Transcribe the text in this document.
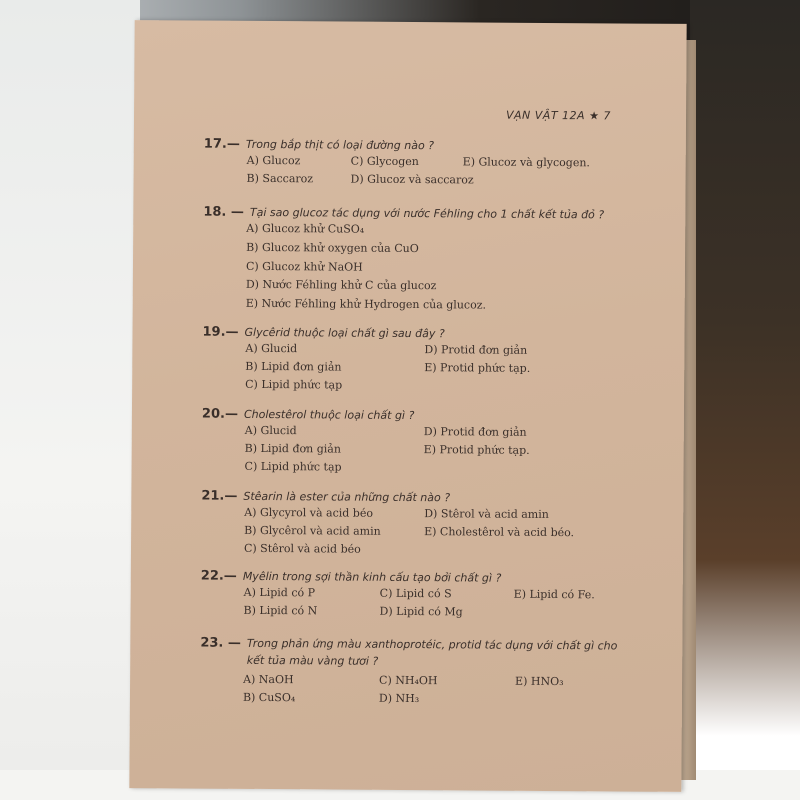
VẠN VẬT 12A ★ 7
17.— Trong bắp thịt có loại đường nào ?
A) Glucoz	C) Glycogen	E) Glucoz và glycogen.
B) Saccaroz	D) Glucoz và saccaroz
18. — Tại sao glucoz tác dụng với nước Féhling cho 1 chất kết tủa đỏ ?
A) Glucoz khử CuSO₄
B) Glucoz khử oxygen của CuO
C) Glucoz khử NaOH
D) Nước Féhling khử C của glucoz
E) Nước Féhling khử Hydrogen của glucoz.
19.— Glycêrid thuộc loại chất gì sau đây ?
A) Glucid	D) Protid đơn giản
B) Lipid đơn giản	E) Protid phức tạp.
C) Lipid phức tạp
20.— Cholestêrol thuộc loại chất gì ?
A) Glucid	D) Protid đơn giản
B) Lipid đơn giản	E) Protid phức tạp.
C) Lipid phức tạp
21.— Stêarin là ester của những chất nào ?
A) Glycyrol và acid béo	D) Stêrol và acid amin
B) Glycêrol và acid amin	E) Cholestêrol và acid béo.
C) Stêrol và acid béo
22.— Myêlin trong sợi thần kinh cấu tạo bởi chất gì ?
A) Lipid có P	C) Lipid có S	E) Lipid có Fe.
B) Lipid có N	D) Lipid có Mg
23. — Trong phản ứng màu xanthoprotéic, protid tác dụng với chất gì cho kết tủa màu vàng tươi ?
A) NaOH	C) NH₄OH	E) HNO₃
B) CuSO₄	D) NH₃
